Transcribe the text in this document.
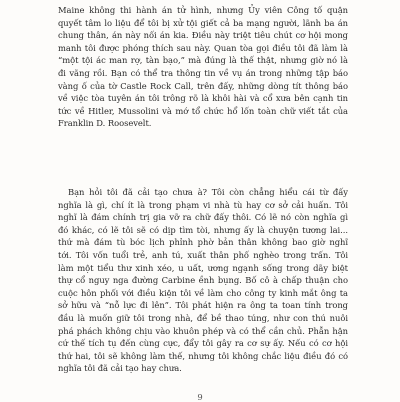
Maine không thi hành án tử hình, nhưng Ủy viên Công tố quận
quyết tâm lo liệu để tôi bị xử tội giết cả ba mạng người, lãnh ba án
chung thân, án này nối án kia. Điều này triệt tiêu chút cơ hội mong
manh tôi được phóng thích sau này. Quan tòa gọi điều tôi đã làm là
“một tội ác man rợ, tàn bạo,” mà đúng là thế thật, nhưng giờ nó là
đi vãng rồi. Bạn có thể tra thông tin về vụ án trong những tập báo
vàng ố của tờ Castle Rock Call, trên đấy, những dòng tít thông báo
về việc tòa tuyên án tôi trông rõ là khôi hài và cổ xưa bên cạnh tin
tức về Hitler, Mussolini và mớ tổ chức hổ lốn toàn chữ viết tắt của
Franklin D. Roosevelt.
Bạn hỏi tôi đã cải tạo chưa à? Tôi còn chẳng hiểu cái từ đấy
nghĩa là gì, chí ít là trong phạm vi nhà tù hay cơ sở cải huấn. Tôi
nghĩ là đám chính trị gia vỡ ra chữ đấy thôi. Có lẽ nó còn nghĩa gì
đó khác, có lẽ tôi sẽ có dịp tìm tòi, nhưng ấy là chuyện tương lai...
thứ mà đám tù bóc lịch phỉnh phờ bản thân không bao giờ nghĩ
tới. Tôi vốn tuổi trẻ, anh tú, xuất thân phố nghèo trong trấn. Tôi
làm một tiểu thư xinh xéo, u uất, ương ngạnh sống trong dãy biệt
thự cổ nguy nga đường Carbine ềnh bụng. Bố cô à chấp thuận cho
cuộc hôn phối với điều kiện tôi về làm cho công ty kinh mắt ông ta
sở hữu và “nỗ lực đi lên”. Tôi phát hiện ra ông ta toan tính trong
đầu là muốn giữ tôi trong nhà, để bề thao túng, như con thú nuôi
phá phách không chịu vào khuôn phép và có thể cần chủ. Phẫn hận
cứ thế tích tụ đến cùng cực, đẩy tôi gây ra cơ sự ấy. Nếu có cơ hội
thứ hai, tôi sẽ không làm thế, nhưng tôi không chắc liệu điều đó có
nghĩa tôi đã cải tạo hay chưa.
9
